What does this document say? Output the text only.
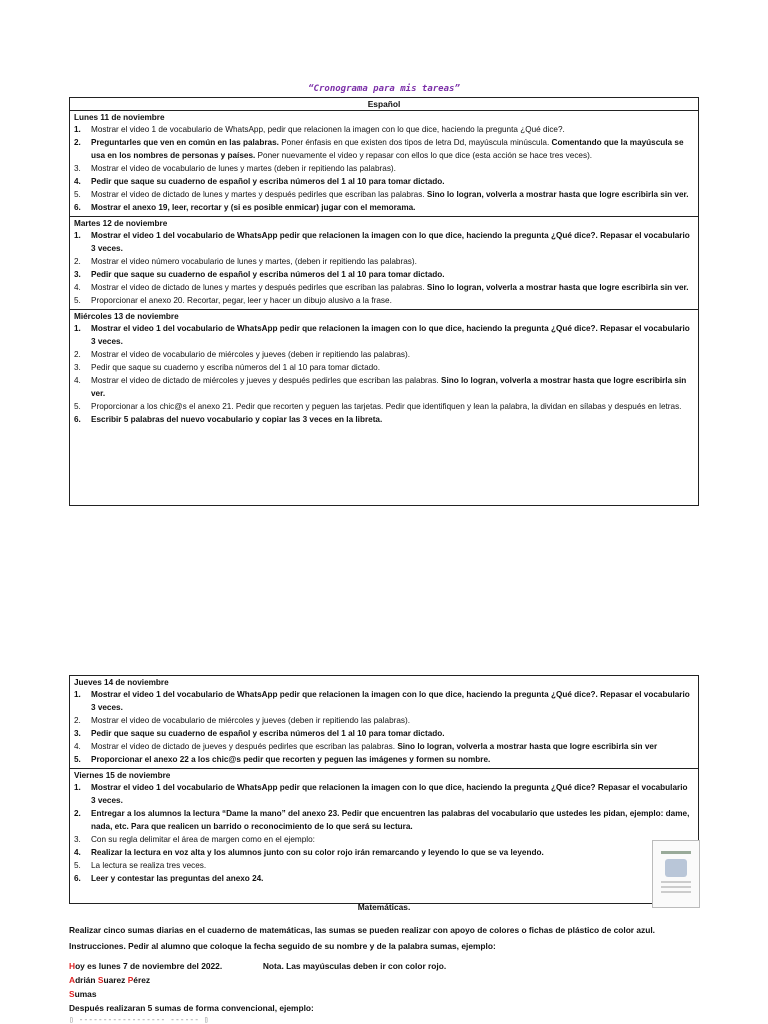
“Cronograma para mis tareas”
Español
Lunes 11 de noviembre
1. Mostrar el video 1 de vocabulario de WhatsApp, pedir que relacionen la imagen con lo que dice, haciendo la pregunta ¿Qué dice?.
2. Preguntarles que ven en común en las palabras. Poner énfasis en que existen dos tipos de letra Dd, mayúscula minúscula. Comentando que la mayúscula se usa en los nombres de personas y países. Poner nuevamente el video y repasar con ellos lo que dice (esta acción se hace tres veces).
3. Mostrar el video de vocabulario de lunes y martes (deben ir repitiendo las palabras).
4. Pedir que saque su cuaderno de español y escriba números del 1 al 10 para tomar dictado.
5. Mostrar el video de dictado de lunes y martes y después pedirles que escriban las palabras. Sino lo logran, volverla a mostrar hasta que logre escribirla sin ver.
6. Mostrar el anexo 19, leer, recortar y (si es posible enmicar) jugar con el memorama.
Martes 12 de noviembre
1. Mostrar el video 1 del vocabulario de WhatsApp pedir que relacionen la imagen con lo que dice, haciendo la pregunta ¿Qué dice?. Repasar el vocabulario 3 veces.
2. Mostrar el video número vocabulario de lunes y martes, (deben ir repitiendo las palabras).
3. Pedir que saque su cuaderno de español y escriba números del 1 al 10 para tomar dictado.
4. Mostrar el video de dictado de lunes y martes y después pedirles que escriban las palabras. Sino lo logran, volverla a mostrar hasta que logre escribirla sin ver.
5. Proporcionar el anexo 20. Recortar, pegar, leer y hacer un dibujo alusivo a la frase.
Miércoles 13 de noviembre
1. Mostrar el video 1 del vocabulario de WhatsApp pedir que relacionen la imagen con lo que dice, haciendo la pregunta ¿Qué dice?. Repasar el vocabulario 3 veces.
2. Mostrar el video de vocabulario de miércoles y jueves (deben ir repitiendo las palabras).
3. Pedir que saque su cuaderno y escriba números del 1 al 10 para tomar dictado.
4. Mostrar el video de dictado de miércoles y jueves y después pedirles que escriban las palabras. Sino lo logran, volverla a mostrar hasta que logre escribirla sin ver.
5. Proporcionar a los chic@s el anexo 21. Pedir que recorten y peguen las tarjetas. Pedir que identifiquen y lean la palabra, la dividan en sílabas y después en letras.
6. Escribir 5 palabras del nuevo vocabulario y copiar las 3 veces en la libreta.
Jueves 14 de noviembre
1. Mostrar el video 1 del vocabulario de WhatsApp pedir que relacionen la imagen con lo que dice, haciendo la pregunta ¿Qué dice?. Repasar el vocabulario 3 veces.
2. Mostrar el video de vocabulario de miércoles y jueves (deben ir repitiendo las palabras).
3. Pedir que saque su cuaderno de español y escriba números del 1 al 10 para tomar dictado.
4. Mostrar el video de dictado de jueves y después pedirles que escriban las palabras. Sino lo logran, volverla a mostrar hasta que logre escribirla sin ver
5. Proporcionar el anexo 22 a los chic@s pedir que recorten y peguen las imágenes y formen su nombre.
Viernes 15 de noviembre
1. Mostrar el video 1 del vocabulario de WhatsApp pedir que relacionen la imagen con lo que dice, haciendo la pregunta ¿Qué dice? Repasar el vocabulario 3 veces.
2. Entregar a los alumnos la lectura “Dame la mano” del anexo 23. Pedir que encuentren las palabras del vocabulario que ustedes les pidan, ejemplo: dame, nada, etc. Para que realicen un barrido o reconocimiento de lo que será su lectura.
3. Con su regla delimitar el área de margen como en el ejemplo:
4. Realizar la lectura en voz alta y los alumnos junto con su color rojo irán remarcando y leyendo lo que se va leyendo.
5. La lectura se realiza tres veces.
6. Leer y contestar las preguntas del anexo 24.
Matemáticas.
Realizar cinco sumas diarias en el cuaderno de matemáticas, las sumas se pueden realizar con apoyo de colores o fichas de plástico de color azul. Instrucciones. Pedir al alumno que coloque la fecha seguido de su nombre y de la palabra sumas, ejemplo:
Hoy es lunes 7 de noviembre del 2022.	Nota. Las mayúsculas deben ir con color rojo.
Adrián Suarez Pérez
Sumas
Después realizaran 5 sumas de forma convencional, ejemplo:
▯ ‐‐‐‐‐‐‐‐‐‐‐‐‐‐‐‐‐‐ ‐‐‐‐‐‐ ▯
